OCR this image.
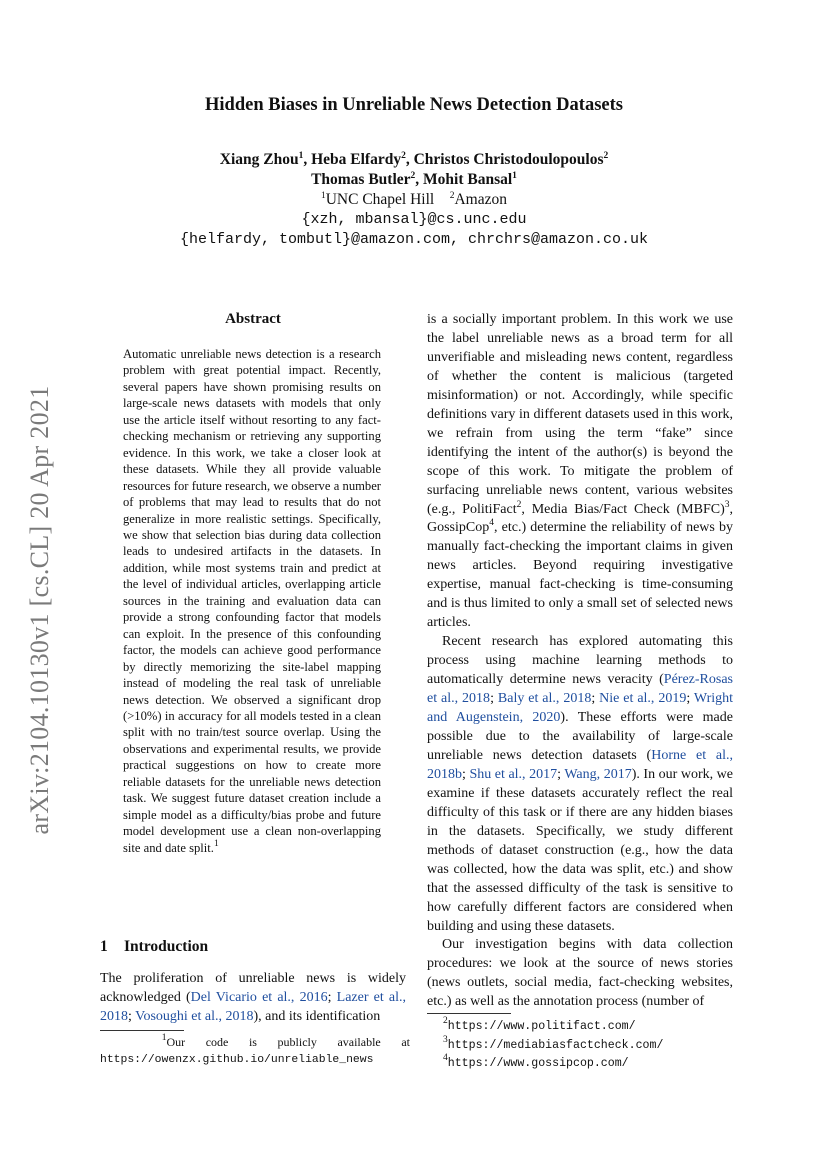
arXiv:2104.10130v1 [cs.CL] 20 Apr 2021
Hidden Biases in Unreliable News Detection Datasets
Xiang Zhou$^1$, Heba Elfardy$^2$, Christos Christodoulopoulos$^2$
Thomas Butler$^2$, Mohit Bansal$^1$
$^1$UNC Chapel Hill $^2$Amazon
{xzh, mbansal}@cs.unc.edu
{helfardy, tombutl}@amazon.com, chrchrs@amazon.co.uk
Abstract
Automatic unreliable news detection is a research problem with great potential impact. Recently, several papers have shown promising results on large-scale news datasets with models that only use the article itself without resorting to any fact-checking mechanism or retrieving any supporting evidence. In this work, we take a closer look at these datasets. While they all provide valuable resources for future research, we observe a number of problems that may lead to results that do not generalize in more realistic settings. Specifically, we show that selection bias during data collection leads to undesired artifacts in the datasets. In addition, while most systems train and predict at the level of individual articles, overlapping article sources in the training and evaluation data can provide a strong confounding factor that models can exploit. In the presence of this confounding factor, the models can achieve good performance by directly memorizing the site-label mapping instead of modeling the real task of unreliable news detection. We observed a significant drop (>10%) in accuracy for all models tested in a clean split with no train/test source overlap. Using the observations and experimental results, we provide practical suggestions on how to create more reliable datasets for the unreliable news detection task. We suggest future dataset creation include a simple model as a difficulty/bias probe and future model development use a clean non-overlapping site and date split.$^1$
1 Introduction
The proliferation of unreliable news is widely acknowledged (Del Vicario et al., 2016; Lazer et al., 2018; Vosoughi et al., 2018), and its identification
$^1$Our code is publicly available at https://owenzx.github.io/unreliable_news

is a socially important problem. In this work we use the label unreliable news as a broad term for all unverifiable and misleading news content, regardless of whether the content is malicious (targeted misinformation) or not. Accordingly, while specific definitions vary in different datasets used in this work, we refrain from using the term “fake” since identifying the intent of the author(s) is beyond the scope of this work. To mitigate the problem of surfacing unreliable news content, various websites (e.g., PolitiFact$^2$, Media Bias/Fact Check (MBFC)$^3$, GossipCop$^4$, etc.) determine the reliability of news by manually fact-checking the important claims in given news articles. Beyond requiring investigative expertise, manual fact-checking is time-consuming and is thus limited to only a small set of selected news articles.

Recent research has explored automating this process using machine learning methods to automatically determine news veracity (Pérez-Rosas et al., 2018; Baly et al., 2018; Nie et al., 2019; Wright and Augenstein, 2020). These efforts were made possible due to the availability of large-scale unreliable news detection datasets (Horne et al., 2018b; Shu et al., 2017; Wang, 2017). In our work, we examine if these datasets accurately reflect the real difficulty of this task or if there are any hidden biases in the datasets. Specifically, we study different methods of dataset construction (e.g., how the data was collected, how the data was split, etc.) and show that the assessed difficulty of the task is sensitive to how carefully different factors are considered when building and using these datasets.

Our investigation begins with data collection procedures: we look at the source of news stories (news outlets, social media, fact-checking websites, etc.) as well as the annotation process (number of

$^2$https://www.politifact.com/
$^3$https://mediabiasfactcheck.com/
$^4$https://www.gossipcop.com/
